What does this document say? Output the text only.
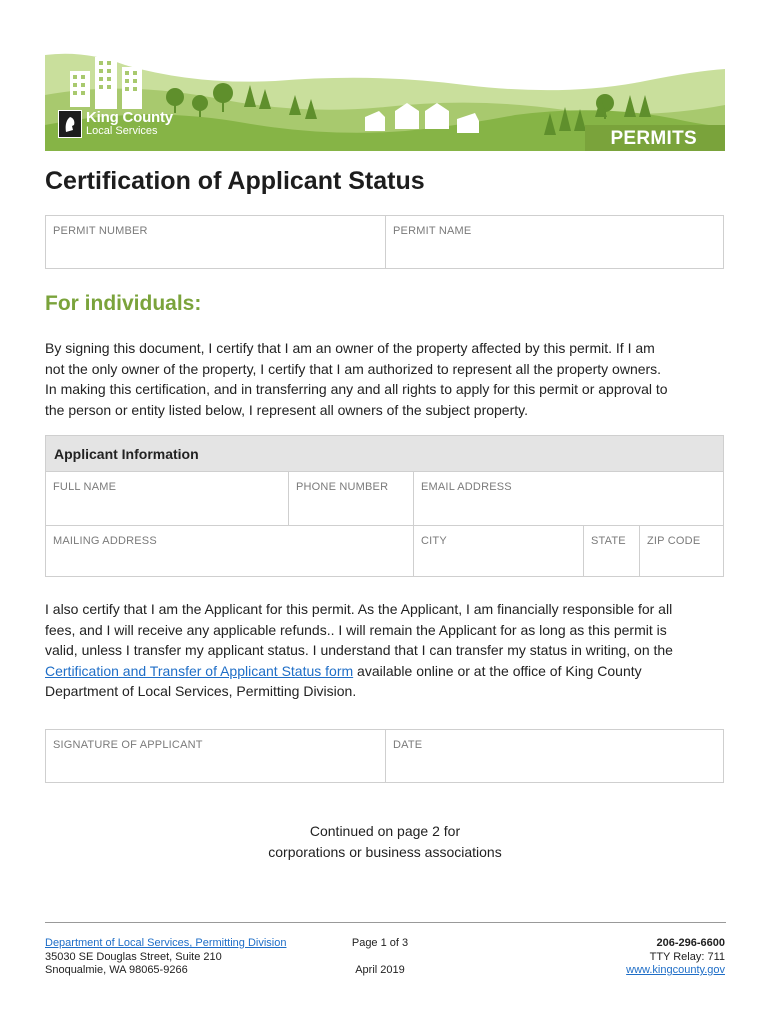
PERMITS
King County
Local Services
Certification of Applicant Status
PERMIT NUMBER	PERMIT NAME
For individuals:
By signing this document, I certify that I am an owner of the property affected by this permit. If I am
not the only owner of the property, I certify that I am authorized to represent all the property owners.
In making this certification, and in transferring any and all rights to apply for this permit or approval to
the person or entity listed below, I represent all owners of the subject property.
Applicant Information
FULL NAME	PHONE NUMBER	EMAIL ADDRESS
MAILING ADDRESS	CITY	STATE	ZIP CODE
I also certify that I am the Applicant for this permit. As the Applicant, I am financially responsible for all
fees, and I will receive any applicable refunds.. I will remain the Applicant for as long as this permit is
valid, unless I transfer my applicant status. I understand that I can transfer my status in writing, on the
Certification and Transfer of Applicant Status form available online or at the office of King County
Department of Local Services, Permitting Division.
SIGNATURE OF APPLICANT	DATE
Continued on page 2 for
corporations or business associations
Department of Local Services, Permitting Division
35030 SE Douglas Street, Suite 210
Snoqualmie, WA 98065-9266
Page 1 of 3
April 2019
206-296-6600
TTY Relay: 711
www.kingcounty.gov
